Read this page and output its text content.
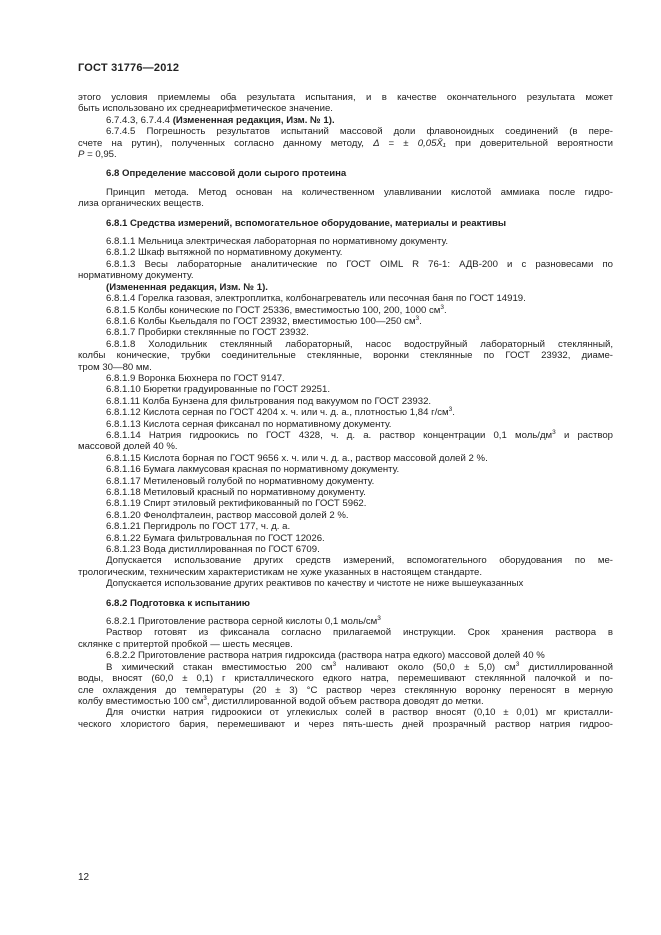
ГОСТ 31776—2012

этого условия приемлемы оба результата испытания, и в качестве окончательного результата может

быть использовано их среднеарифметическое значение.

6.7.4.3, 6.7.4.4 (Измененная редакция, Изм. № 1).

6.7.4.5 Погрешность результатов испытаний массовой доли флавоноидных соединений (в пере-

счете на рутин), полученных согласно данному методу, Δ = ± 0,05X̄₁ при доверительной вероятности

P = 0,95.

6.8 Определение массовой доли сырого протеина

Принцип метода. Метод основан на количественном улавливании кислотой аммиака после гидро-

лиза органических веществ.

6.8.1 Средства измерений, вспомогательное оборудование, материалы и реактивы

6.8.1.1 Мельница электрическая лабораторная по нормативному документу.

6.8.1.2 Шкаф вытяжной по нормативному документу.

6.8.1.3 Весы лабораторные аналитические по ГОСТ OIML R 76-1: АДВ-200 и с разновесами по

нормативному документу.

(Измененная редакция, Изм. № 1).

6.8.1.4 Горелка газовая, электроплитка, колбонагреватель или песочная баня по ГОСТ 14919.

6.8.1.5 Колбы конические по ГОСТ 25336, вместимостью 100, 200, 1000 $см^3$.

6.8.1.6 Колбы Кьельдаля по ГОСТ 23932, вместимостью 100—250 $см^3$.

6.8.1.7 Пробирки стеклянные по ГОСТ 23932.

6.8.1.8 Холодильник стеклянный лабораторный, насос водоструйный лабораторный стеклянный,

колбы конические, трубки соединительные стеклянные, воронки стеклянные по ГОСТ 23932, диаме-

тром 30—80 мм.

6.8.1.9 Воронка Бюхнера по ГОСТ 9147.

6.8.1.10 Бюретки градуированные по ГОСТ 29251.

6.8.1.11 Колба Бунзена для фильтрования под вакуумом по ГОСТ 23932.

6.8.1.12 Кислота серная по ГОСТ 4204 х. ч. или ч. д. а., плотностью 1,84 $г/см^3$.

6.8.1.13 Кислота серная фиксанал по нормативному документу.

6.8.1.14 Натрия гидроокись по ГОСТ 4328, ч. д. а. раствор концентрации 0,1 моль/$дм^3$ и раствор

массовой долей 40 %.

6.8.1.15 Кислота борная по ГОСТ 9656 х. ч. или ч. д. а., раствор массовой долей 2 %.

6.8.1.16 Бумага лакмусовая красная по нормативному документу.

6.8.1.17 Метиленовый голубой по нормативному документу.

6.8.1.18 Метиловый красный по нормативному документу.

6.8.1.19 Спирт этиловый ректификованный по ГОСТ 5962.

6.8.1.20 Фенолфталеин, раствор массовой долей 2 %.

6.8.1.21 Пергидроль по ГОСТ 177, ч. д. а.

6.8.1.22 Бумага фильтровальная по ГОСТ 12026.

6.8.1.23 Вода дистиллированная по ГОСТ 6709.

Допускается использование других средств измерений, вспомогательного оборудования по ме-

трологическим, техническим характеристикам не хуже указанных в настоящем стандарте.

Допускается использование других реактивов по качеству и чистоте не ниже вышеуказанных

6.8.2 Подготовка к испытанию

6.8.2.1 Приготовление раствора серной кислоты 0,1 моль/$см^3$

Раствор готовят из фиксанала согласно прилагаемой инструкции. Срок хранения раствора в

склянке с притертой пробкой — шесть месяцев.

6.8.2.2 Приготовление раствора натрия гидроксида (раствора натра едкого) массовой долей 40 %

В химический стакан вместимостью 200 $см^3$ наливают около (50,0 ± 5,0) $см^3$ дистиллированной

воды, вносят (60,0 ± 0,1) г кристаллического едкого натра, перемешивают стеклянной палочкой и по-

сле охлаждения до температуры (20 ± 3) °С раствор через стеклянную воронку переносят в мерную

колбу вместимостью 100 $см^3$, дистиллированной водой объем раствора доводят до метки.

Для очистки натрия гидроокиси от углекислых солей в раствор вносят (0,10 ± 0,01) мг кристалли-

ческого хлористого бария, перемешивают и через пять-шесть дней прозрачный раствор натрия гидроо-

12
